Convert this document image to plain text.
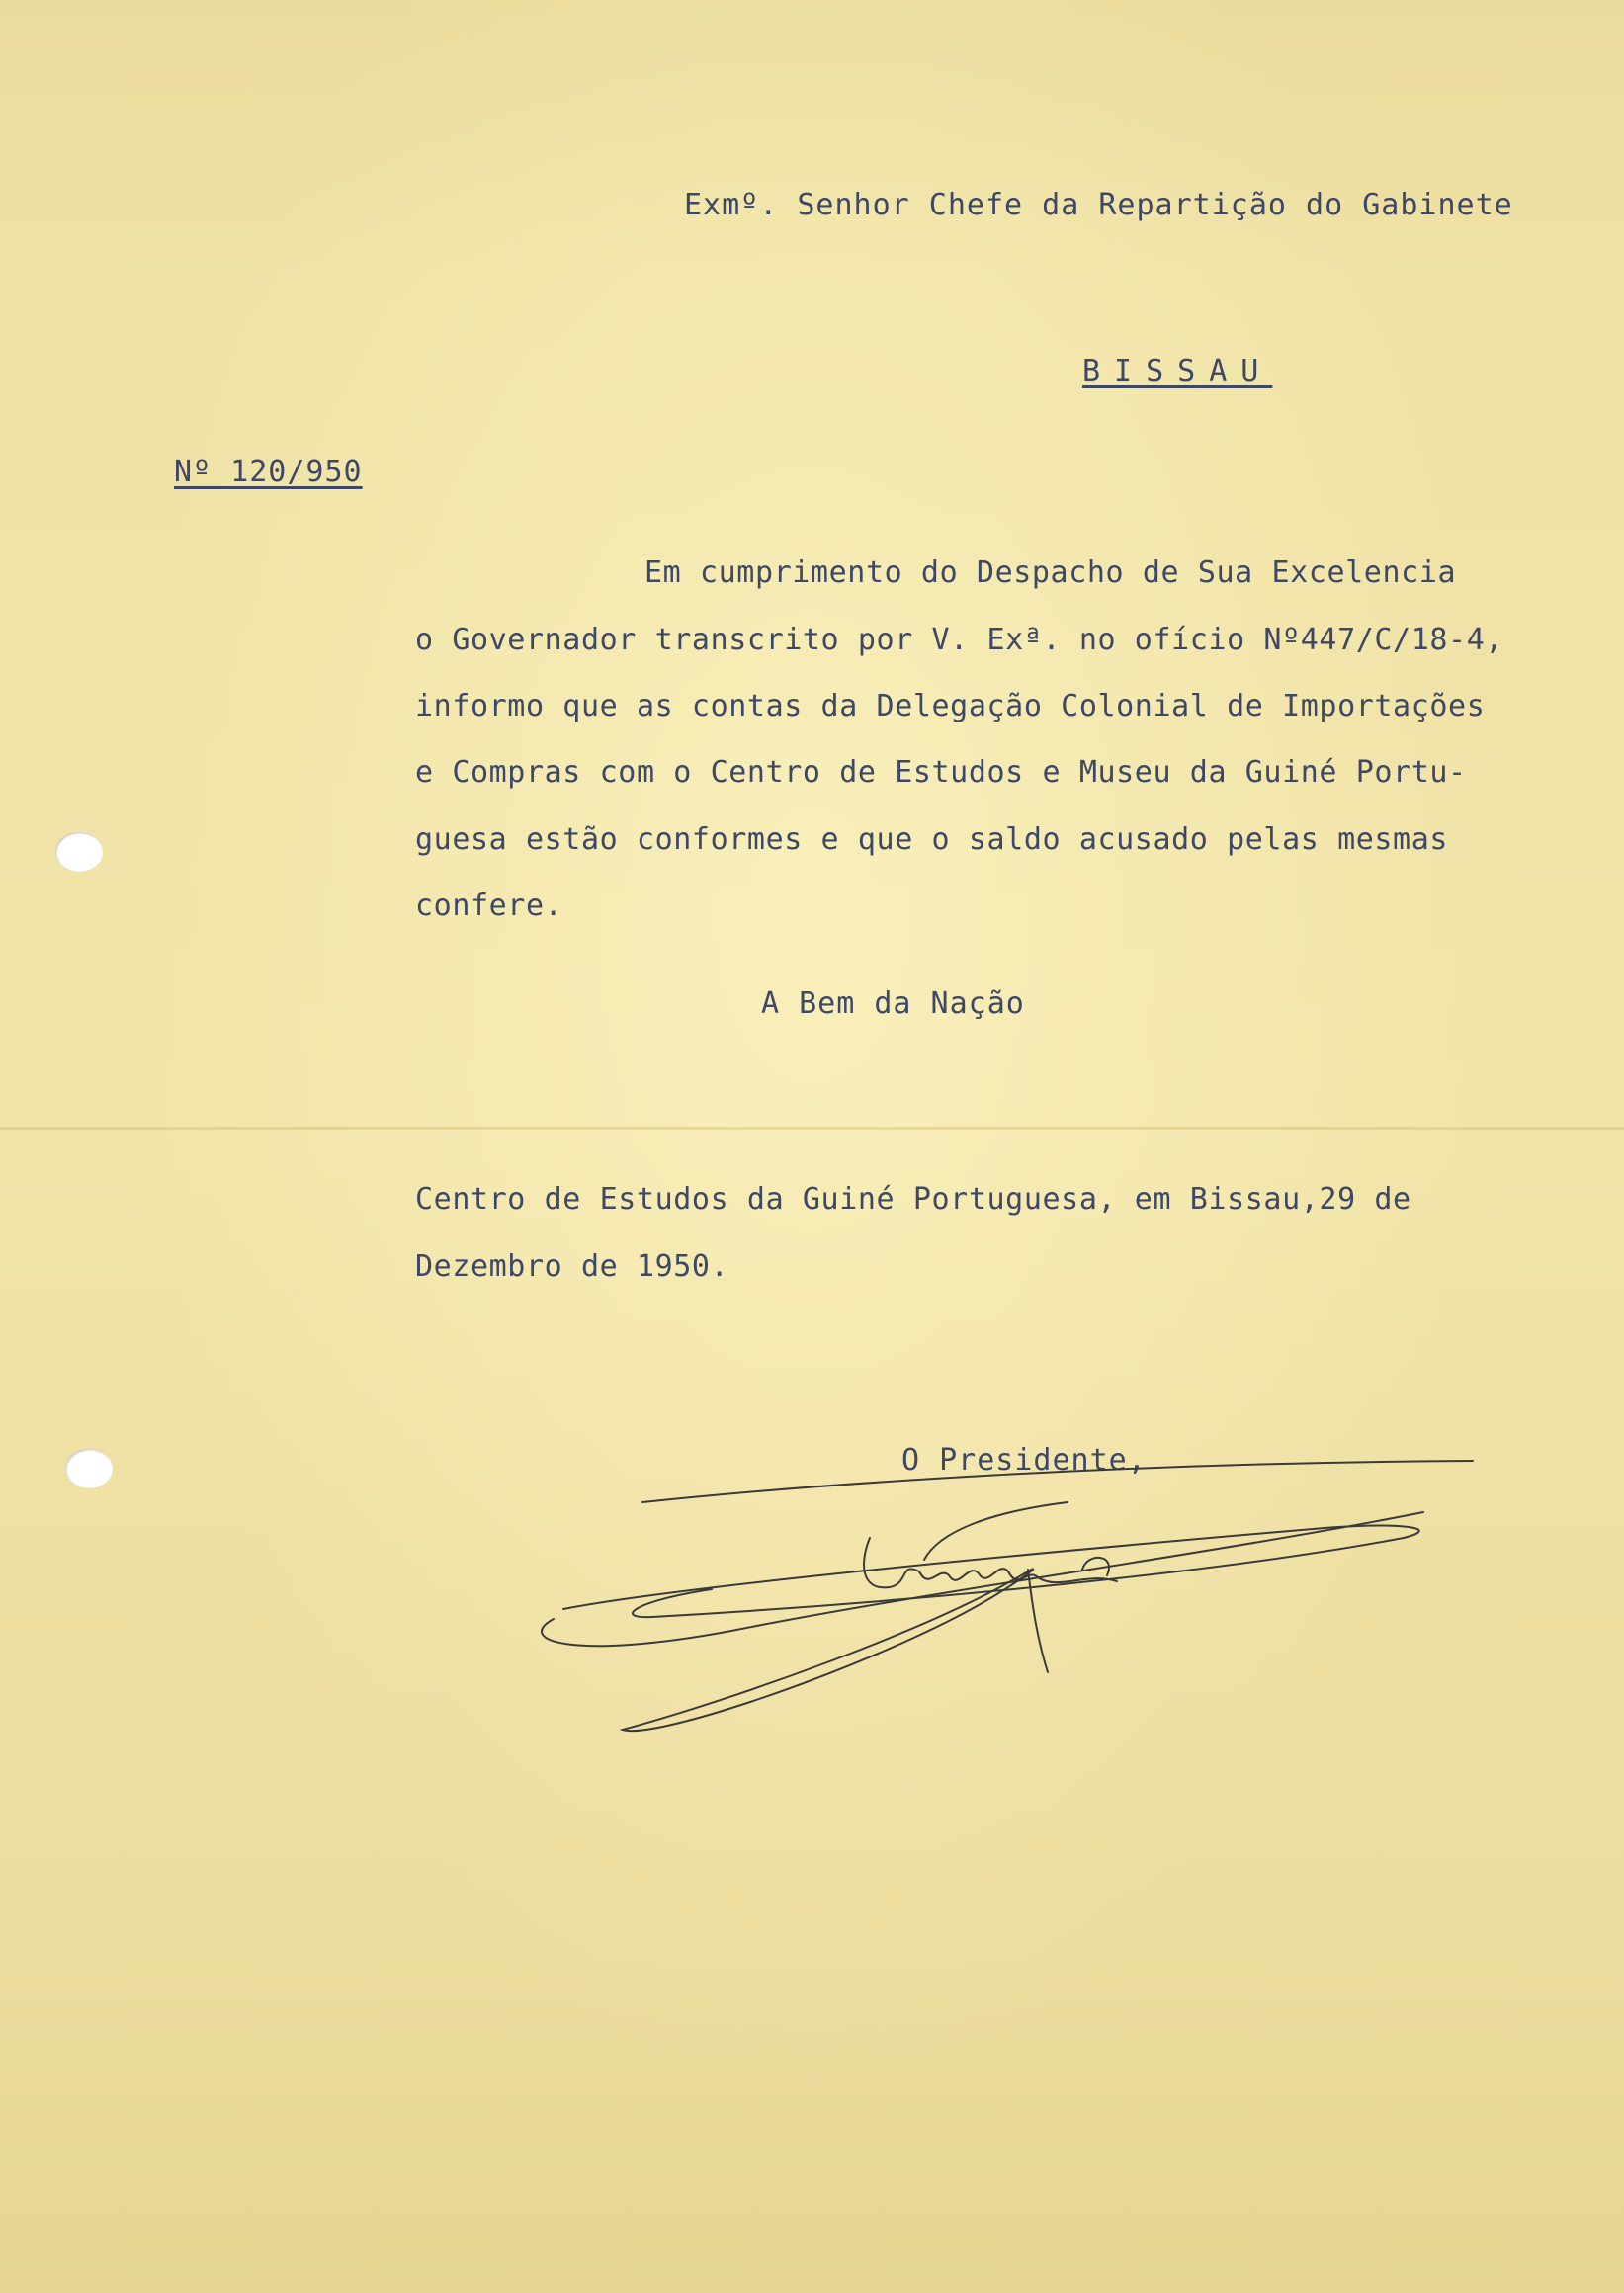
Exmº. Senhor Chefe da Repartição do Gabinete

BISSAU

Nº 120/950

Em cumprimento do Despacho de Sua Excelencia

o Governador transcrito por V. Exª. no ofício Nº447/C/18-4,

informo que as contas da Delegação Colonial de Importações

e Compras com o Centro de Estudos e Museu da Guiné Portu-

guesa estão conformes e que o saldo acusado pelas mesmas

confere.

A Bem da Nação

Centro de Estudos da Guiné Portuguesa, em Bissau,29 de

Dezembro de 1950.

O Presidente,
